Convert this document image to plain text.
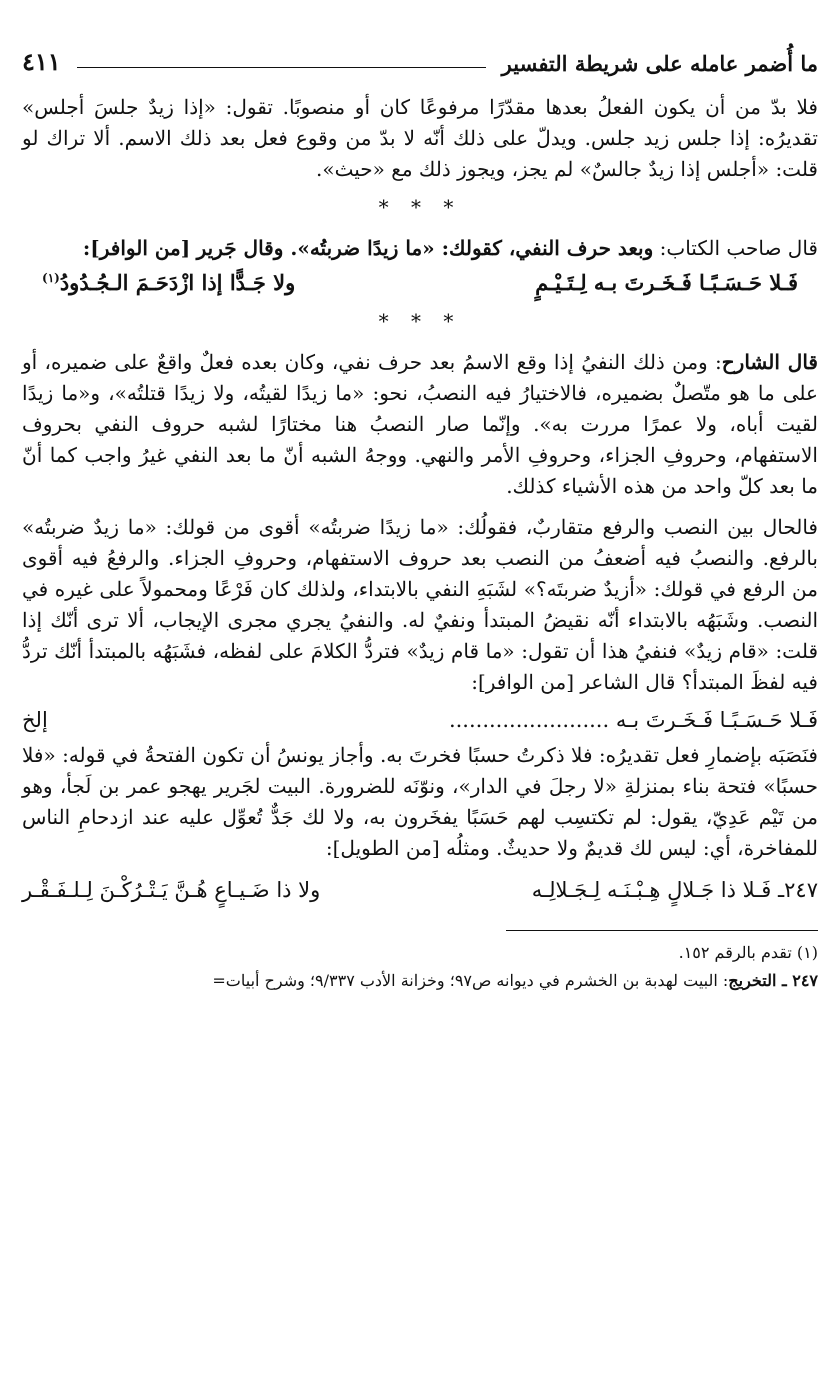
ما أُضمر عامله على شريطة التفسير
٤١١

فلا بدّ من أن يكون الفعلُ بعدها مقدّرًا مرفوعًا كان أو منصوبًا. تقول: «إذا زيدٌ جلسَ أجلس» تقديرُه: إذا جلس زيد جلس. ويدلّ على ذلك أنّه لا بدّ من وقوع فعل بعد ذلك الاسم. ألا تراك لو قلت: «أجلس إذا زيدٌ جالسٌ» لم يجز، ويجوز ذلك مع «حيث».

* * *

قال صاحب الكتاب: وبعد حرف النفي، كقولك: «ما زيدًا ضربتُه». وقال جَرير [من الوافر]:

فَـلا حَـسَـبًـا فَـخَـرتَ بـه لِـتَـيْـمٍ
ولا جَـدًّا إذا ازْدَحَـمَ الـجُـدُودُ$^{(١)}$
* * *

قال الشارح: ومن ذلك النفيُ إذا وقع الاسمُ بعد حرف نفي، وكان بعده فعلٌ واقعٌ على ضميره، أو على ما هو متّصلٌ بضميره، فالاختيارُ فيه النصبُ، نحو: «ما زيدًا لقيتُه، ولا زيدًا قتلتُه»، و«ما زيدًا لقيت أباه، ولا عمرًا مررت به». وإنّما صار النصبُ هنا مختارًا لشبه حروف النفي بحروف الاستفهام، وحروفِ الجزاء، وحروفِ الأمر والنهي. ووجهُ الشبه أنّ ما بعد النفي غيرُ واجب كما أنّ ما بعد كلّ واحد من هذه الأشياء كذلك.

فالحال بين النصب والرفع متقاربٌ، فقولُك: «ما زيدًا ضربتُه» أقوى من قولك: «ما زيدٌ ضربتُه» بالرفع. والنصبُ فيه أضعفُ من النصب بعد حروف الاستفهام، وحروفِ الجزاء. والرفعُ فيه أقوى من الرفع في قولك: «أزيدٌ ضربتَه؟» لشَبَهِ النفي بالابتداء، ولذلك كان فَرْعًا ومحمولاً على غيره في النصب. وشَبَهُه بالابتداء أنّه نقيضُ المبتدأ ونفيٌ له. والنفيُ يجري مجرى الإيجاب، ألا ترى أنّك إذا قلت: «قام زيدٌ» فنفيُ هذا أن تقول: «ما قام زيدٌ» فتردُّ الكلامَ على لفظه، فشَبَهُه بالمبتدأ أنّك تردُّ فيه لفظَ المبتدأ؟ قال الشاعر [من الوافر]:

فَـلا حَـسَـبًـا فَـخَـرتَ بـه ........................
إلخ

فنَصَبَه بإضمارِ فعل تقديرُه: فلا ذكرتُ حسبًا فخرتَ به. وأجاز يونسُ أن تكون الفتحةُ في قوله: «فلا حسبًا» فتحة بناء بمنزلةِ «لا رجلَ في الدار»، ونوّنَه للضرورة. البيت لجَرير يهجو عمر بن لَجأ، وهو من تَيْم عَدِيّ، يقول: لم تكتسِب لهم حَسَبًا يفخَرون به، ولا لك جَدٌّ تُعوِّل عليه عند ازدحامِ الناس للمفاخرة، أي: ليس لك قديمٌ ولا حديثٌ. ومثلُه [من الطويل]:

٢٤٧ـ فَـلا ذا جَـلالٍ هِـبْـنَـه لِـجَـلالِـه
ولا ذا ضَـيـاعٍ هُـنَّ يَـتْـرُكْـنَ لِـلـفَـقْـر

(١) تقدم بالرقم ١٥٢.

٢٤٧ ـ التخريج: البيت لهدبة بن الخشرم في ديوانه ص٩٧؛ وخزانة الأدب ٩/٣٣٧؛ وشرح أبيات=
